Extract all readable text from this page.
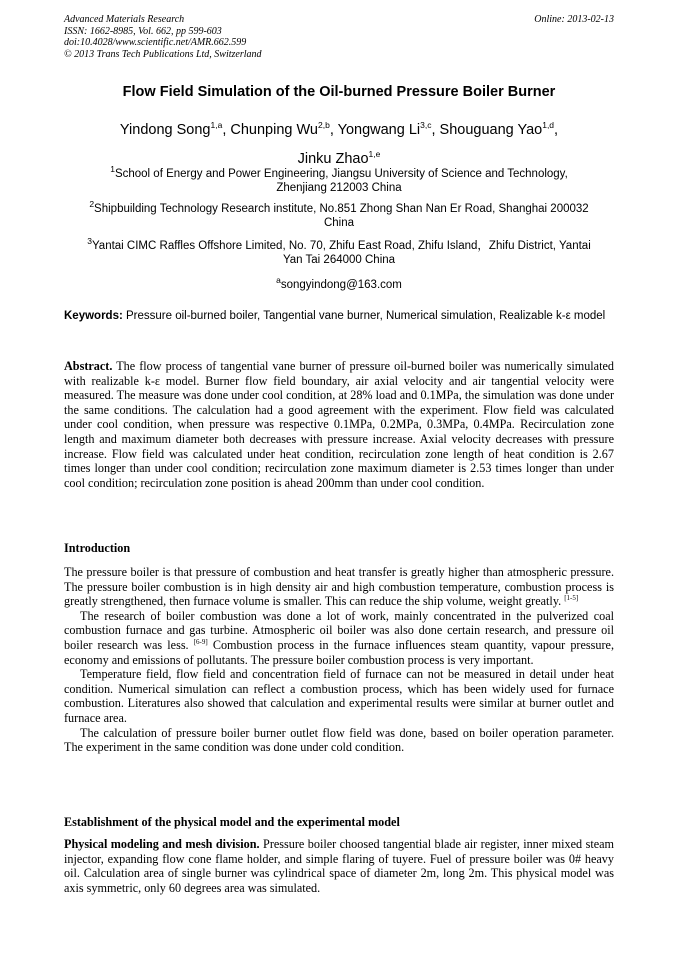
Advanced Materials Research
ISSN: 1662-8985, Vol. 662, pp 599-603
doi:10.4028/www.scientific.net/AMR.662.599
© 2013 Trans Tech Publications Ltd, Switzerland
Online: 2013-02-13
Flow Field Simulation of the Oil-burned Pressure Boiler Burner
Yindong Song$^{1,a}$, Chunping Wu$^{2,b}$, Yongwang Li$^{3,c}$, Shouguang Yao$^{1,d}$,
Jinku Zhao$^{1,e}$
$^1$School of Energy and Power Engineering, Jiangsu University of Science and Technology,
Zhenjiang 212003 China
$^2$Shipbuilding Technology Research institute, No.851 Zhong Shan Nan Er Road, Shanghai 200032
China
$^3$Yantai CIMC Raffles Offshore Limited, No. 70, Zhifu East Road, Zhifu Island，Zhifu District, Yantai
Yan Tai 264000 China
$^a$songyindong@163.com
Keywords: Pressure oil-burned boiler, Tangential vane burner, Numerical simulation, Realizable k-ε model
Abstract. The flow process of tangential vane burner of pressure oil-burned boiler was numerically simulated with realizable k-ε model. Burner flow field boundary, air axial velocity and air tangential velocity were measured. The measure was done under cool condition, at 28% load and 0.1MPa, the simulation was done under the same conditions. The calculation had a good agreement with the experiment. Flow field was calculated under cool condition, when pressure was respective 0.1MPa, 0.2MPa, 0.3MPa, 0.4MPa. Recirculation zone length and maximum diameter both decreases with pressure increase. Axial velocity decreases with pressure increase. Flow field was calculated under heat condition, recirculation zone length of heat condition is 2.67 times longer than under cool condition; recirculation zone maximum diameter is 2.53 times longer than under cool condition; recirculation zone position is ahead 200mm than under cool condition.
Introduction
The pressure boiler is that pressure of combustion and heat transfer is greatly higher than atmospheric pressure. The pressure boiler combustion is in high density air and high combustion temperature, combustion process is greatly strengthened, then furnace volume is smaller. This can reduce the ship volume, weight greatly. [1-5]
The research of boiler combustion was done a lot of work, mainly concentrated in the pulverized coal combustion furnace and gas turbine. Atmospheric oil boiler was also done certain research, and pressure oil boiler research was less. [6-9] Combustion process in the furnace influences steam quantity, vapour pressure, economy and emissions of pollutants. The pressure boiler combustion process is very important.
Temperature field, flow field and concentration field of furnace can not be measured in detail under heat condition. Numerical simulation can reflect a combustion process, which has been widely used for furnace combustion. Literatures also showed that calculation and experimental results were similar at burner outlet and furnace area.
The calculation of pressure boiler burner outlet flow field was done, based on boiler operation parameter. The experiment in the same condition was done under cold condition.
Establishment of the physical model and the experimental model
Physical modeling and mesh division. Pressure boiler choosed tangential blade air register, inner mixed steam injector, expanding flow cone flame holder, and simple flaring of tuyere. Fuel of pressure boiler was 0# heavy oil. Calculation area of single burner was cylindrical space of diameter 2m, long 2m. This physical model was axis symmetric, only 60 degrees area was simulated.
